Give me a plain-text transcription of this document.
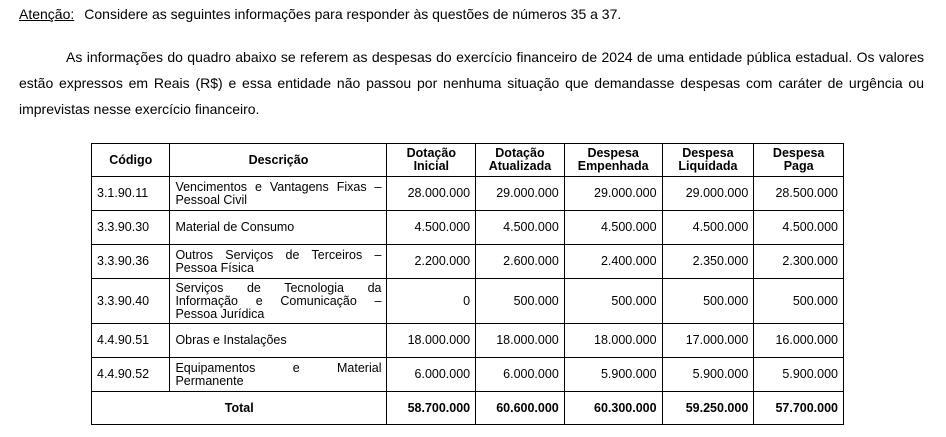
Atenção: Considere as seguintes informações para responder às questões de números 35 a 37.
As informações do quadro abaixo se referem as despesas do exercício financeiro de 2024 de uma entidade pública estadual. Os valores estão expressos em Reais (R$) e essa entidade não passou por nenhuma situação que demandasse despesas com caráter de urgência ou imprevistas nesse exercício financeiro.
Código	Descrição	Dotação Inicial	Dotação Atualizada	Despesa Empenhada	Despesa Liquidada	Despesa Paga
3.1.90.11	Vencimentos e Vantagens Fixas – Pessoal Civil	28.000.000	29.000.000	29.000.000	29.000.000	28.500.000
3.3.90.30	Material de Consumo	4.500.000	4.500.000	4.500.000	4.500.000	4.500.000
3.3.90.36	Outros Serviços de Terceiros – Pessoa Física	2.200.000	2.600.000	2.400.000	2.350.000	2.300.000
3.3.90.40	Serviços de Tecnologia da Informação e Comunicação – Pessoa Jurídica	0	500.000	500.000	500.000	500.000
4.4.90.51	Obras e Instalações	18.000.000	18.000.000	18.000.000	17.000.000	16.000.000
4.4.90.52	Equipamentos e Material Permanente	6.000.000	6.000.000	5.900.000	5.900.000	5.900.000
Total		58.700.000	60.600.000	60.300.000	59.250.000	57.700.000
